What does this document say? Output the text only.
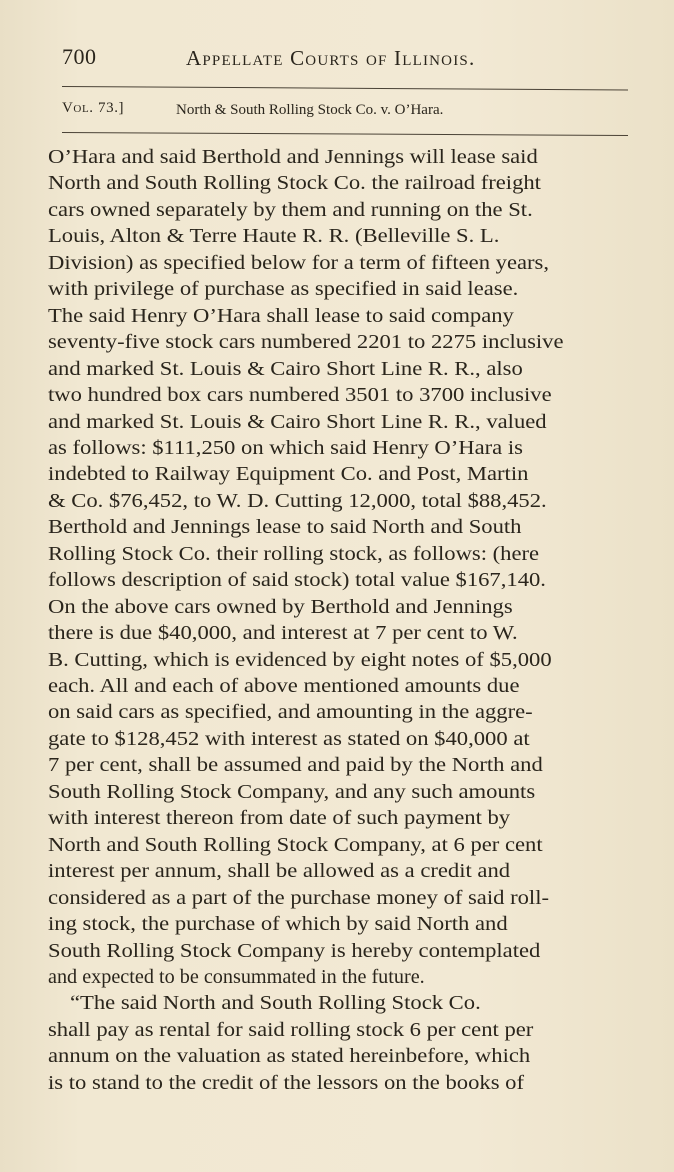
700	Appellate Courts of Illinois.
Vol. 73.]	North & South Rolling Stock Co. v. O’Hara.
O’Hara and said Berthold and Jennings will lease said
North and South Rolling Stock Co. the railroad freight
cars owned separately by them and running on the St.
Louis, Alton & Terre Haute R. R. (Belleville S. L.
Division) as specified below for a term of fifteen years,
with privilege of purchase as specified in said lease.
The said Henry O’Hara shall lease to said company
seventy-five stock cars numbered 2201 to 2275 inclusive
and marked St. Louis & Cairo Short Line R. R., also
two hundred box cars numbered 3501 to 3700 inclusive
and marked St. Louis & Cairo Short Line R. R., valued
as follows: $111,250 on which said Henry O’Hara is
indebted to Railway Equipment Co. and Post, Martin
& Co. $76,452, to W. D. Cutting 12,000, total $88,452.
Berthold and Jennings lease to said North and South
Rolling Stock Co. their rolling stock, as follows: (here
follows description of said stock) total value $167,140.
On the above cars owned by Berthold and Jennings
there is due $40,000, and interest at 7 per cent to W.
B. Cutting, which is evidenced by eight notes of $5,000
each. All and each of above mentioned amounts due
on said cars as specified, and amounting in the aggre-
gate to $128,452 with interest as stated on $40,000 at
7 per cent, shall be assumed and paid by the North and
South Rolling Stock Company, and any such amounts
with interest thereon from date of such payment by
North and South Rolling Stock Company, at 6 per cent
interest per annum, shall be allowed as a credit and
considered as a part of the purchase money of said roll-
ing stock, the purchase of which by said North and
South Rolling Stock Company is hereby contemplated
and expected to be consummated in the future.
“The said North and South Rolling Stock Co.
shall pay as rental for said rolling stock 6 per cent per
annum on the valuation as stated hereinbefore, which
is to stand to the credit of the lessors on the books of
